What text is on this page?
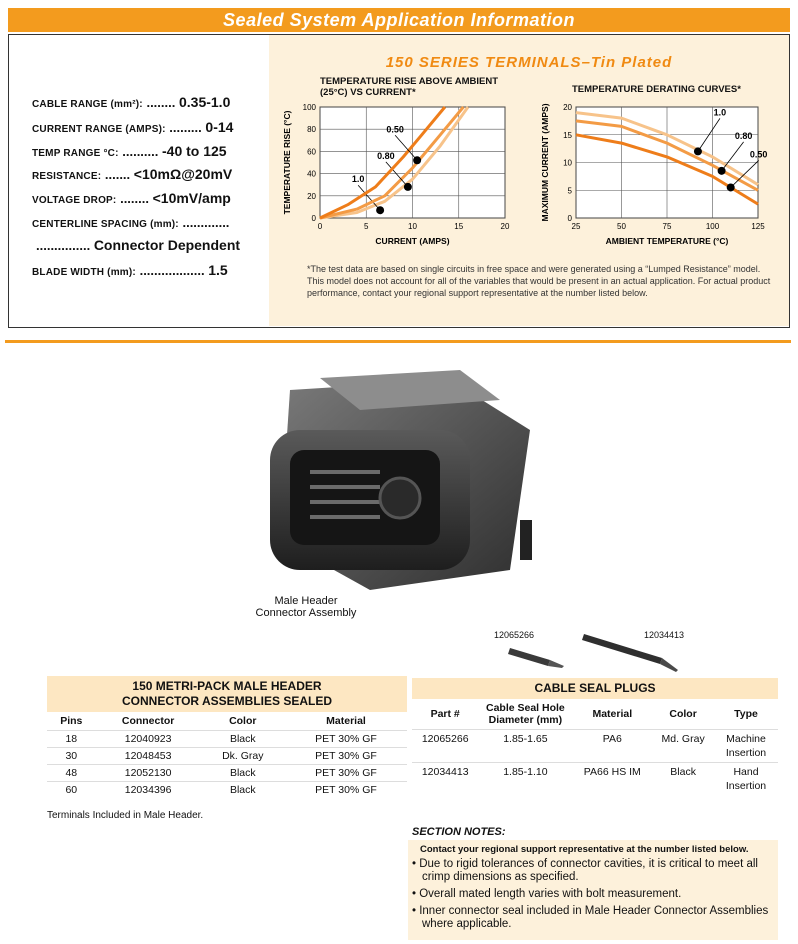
Sealed System Application Information
CABLE RANGE (mm²): ........ 0.35-1.0
CURRENT RANGE (AMPS): ......... 0-14
TEMP RANGE °C: .......... -40 to 125
RESISTANCE: ....... <10mΩ@20mV
VOLTAGE DROP: ........ <10mV/amp
CENTERLINE SPACING (mm): .............
............... Connector Dependent
BLADE WIDTH (mm): .................. 1.5
150 SERIES TERMINALS–Tin Plated
TEMPERATURE RISE ABOVE AMBIENT (25°C) VS CURRENT*
0	5	10	15	20
0
20
40
60
80
100
CURRENT (AMPS)
TEMPERATURE RISE (°C)	1.0
0.80
0.50
TEMPERATURE DERATING CURVES*
25	50	75	100	125
0
5
10
15
20
AMBIENT TEMPERATURE (°C)
MAXIMUM CURRENT (AMPS)	1.0
0.80
0.50
*The test data are based on single circuits in free space and were generated using a “Lumped Resistance” model. This model does not account for all of the variables that would be present in an actual application. For actual product performance, contact your regional support representative at the number listed below.
Male Header
Connector Assembly
12065266	12034413
150 METRI-PACK MALE HEADER
CONNECTOR ASSEMBLIES SEALED
Pins	Connector	Color	Material
18	12040923	Black	PET 30% GF
30	12048453	Dk. Gray	PET 30% GF
48	12052130	Black	PET 30% GF
60	12034396	Black	PET 30% GF
Terminals Included in Male Header.
CABLE SEAL PLUGS
Part #	Cable Seal Hole Diameter (mm)	Material	Color	Type
12065266	1.85-1.65	PA6	Md. Gray	Machine Insertion
12034413	1.85-1.10	PA66 HS IM	Black	Hand Insertion
SECTION NOTES:
Contact your regional support representative at the number listed below.
• Due to rigid tolerances of connector cavities, it is critical to meet all crimp dimensions as specified.
• Overall mated length varies with bolt measurement.
• Inner connector seal included in Male Header Connector Assemblies where applicable.
